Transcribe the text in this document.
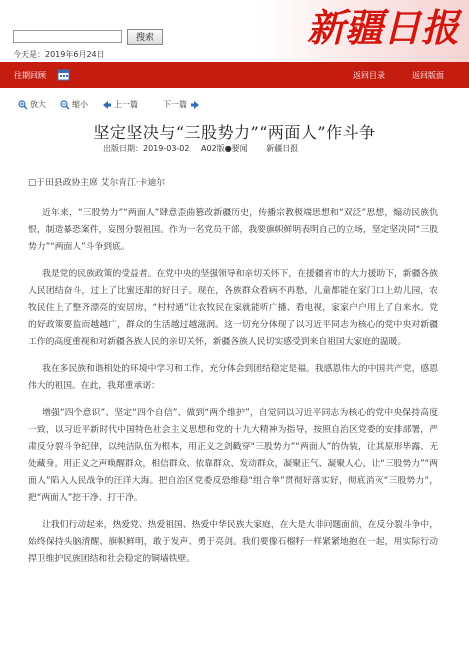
搜索
今天是：2019年6月24日
新疆日报
往期回顾	返回目录	返回版面
放大	缩小	上一篇	下一篇
坚定坚决与“三股势力”“两面人”作斗争
出版日期：2019-03-02 A02版●要闻 新疆日报

□于田县政协主席 艾尔肯江·卡迪尔

近年来，“三股势力”“两面人”肆意歪曲篡改新疆历史，传播宗教极端思想和“双泛”思想，煽动民族仇恨，制造暴恐案件，妄图分裂祖国。作为一名党员干部，我要旗帜鲜明表明自己的立场，坚定坚决同“三股势力”“两面人”斗争到底。

我是党的民族政策的受益者。在党中央的坚强领导和亲切关怀下，在援疆省市的大力援助下，新疆各族人民团结奋斗，过上了比蜜还甜的好日子。现在，各族群众看病不再愁，儿童都能在家门口上幼儿园，农牧民住上了整齐漂亮的安居房，“村村通”让农牧民在家就能听广播、看电视，家家户户用上了自来水。党的好政策要监而越越广，群众的生活越过越滋润。这一切充分体现了以习近平同志为核心的党中央对新疆工作的高度重视和对新疆各族人民的亲切关怀，新疆各族人民切实感受到来自祖国大家庭的温暖。

我在多民族和谐相处的环境中学习和工作，充分体会到团结稳定是福。我感恩伟大的中国共产党，感恩伟大的祖国。在此，我郑重承诺：

增强“四个意识”、坚定“四个自信”、做到“两个维护”，自觉同以习近平同志为核心的党中央保持高度一致，以习近平新时代中国特色社会主义思想和党的十九大精神为指导，按照自治区党委的安排部署，严肃反分裂斗争纪律，以纯洁队伍为根本，用正义之剑戳穿“三股势力”“两面人”的伪装，让其原形毕露、无处藏身。用正义之声唤醒群众，相信群众、依靠群众、发动群众，凝聚正气、凝聚人心，让“三股势力”“两面人”陷入人民战争的汪洋大海。把自治区党委反恐维稳“组合拳”贯彻好落实好，彻底消灭“三股势力”，把“两面人”挖干净、打干净。

让我们行动起来，热爱党、热爱祖国、热爱中华民族大家庭，在大是大非问题面前，在反分裂斗争中，始终保持头脑清醒、旗帜鲜明，敢于发声、勇于亮剑。我们要像石榴籽一样紧紧地抱在一起，用实际行动捍卫维护民族团结和社会稳定的铜墙铁壁。
